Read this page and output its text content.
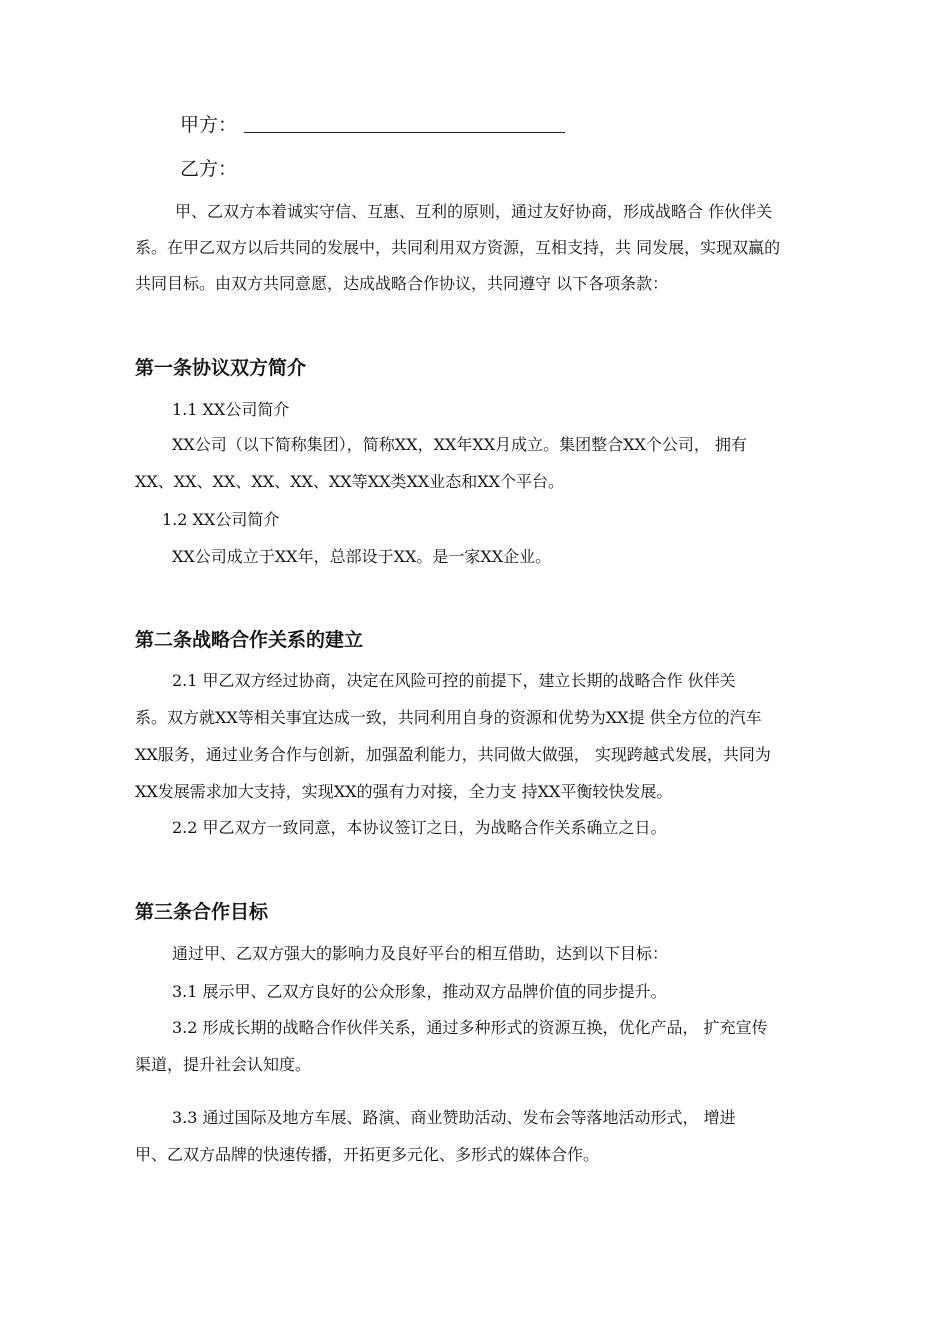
甲方：
乙方：
甲、乙双方本着诚实守信、互惠、互利的原则，通过友好协商，形成战略合 作伙伴关
系。在甲乙双方以后共同的发展中，共同利用双方资源，互相支持，共 同发展，实现双赢的
共同目标。由双方共同意愿，达成战略合作协议，共同遵守 以下各项条款：
第一条协议双方简介
1.1 XX公司简介
XX公司（以下简称集团），简称XX，XX年XX月成立。集团整合XX个公司， 拥有
XX、XX、XX、XX、XX、XX等XX类XX业态和XX个平台。
1.2 XX公司简介
XX公司成立于XX年，总部设于XX。是一家XX企业。
第二条战略合作关系的建立
2.1 甲乙双方经过协商，决定在风险可控的前提下，建立长期的战略合作 伙伴关
系。双方就XX等相关事宜达成一致，共同利用自身的资源和优势为XX提 供全方位的汽车
XX服务，通过业务合作与创新，加强盈利能力，共同做大做强， 实现跨越式发展，共同为
XX发展需求加大支持，实现XX的强有力对接，全力支 持XX平衡较快发展。
2.2 甲乙双方一致同意，本协议签订之日，为战略合作关系确立之日。
第三条合作目标
通过甲、乙双方强大的影响力及良好平台的相互借助，达到以下目标：
3.1 展示甲、乙双方良好的公众形象，推动双方品牌价值的同步提升。
3.2 形成长期的战略合作伙伴关系，通过多种形式的资源互换，优化产品， 扩充宣传
渠道，提升社会认知度。
3.3 通过国际及地方车展、路演、商业赞助活动、发布会等落地活动形式， 增进
甲、乙双方品牌的快速传播，开拓更多元化、多形式的媒体合作。
